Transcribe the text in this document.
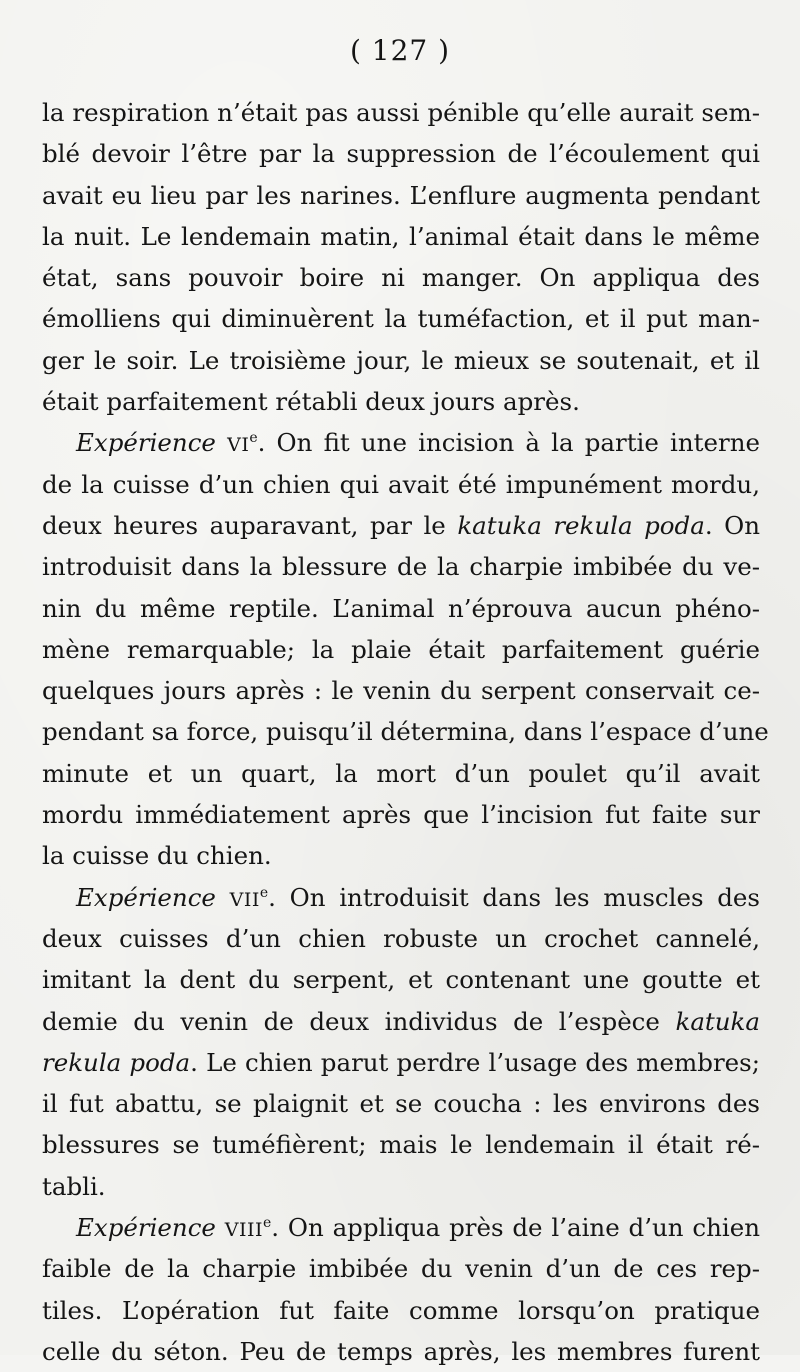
( 127 )
la respiration n’était pas aussi pénible qu’elle aurait sem-
blé devoir l’être par la suppression de l’écoulement qui
avait eu lieu par les narines. L’enflure augmenta pendant
la nuit. Le lendemain matin, l’animal était dans le même
état, sans pouvoir boire ni manger. On appliqua des
émolliens qui diminuèrent la tuméfaction, et il put man-
ger le soir. Le troisième jour, le mieux se soutenait, et il
était parfaitement rétabli deux jours après.
Expérience VIe. On fit une incision à la partie interne
de la cuisse d’un chien qui avait été impunément mordu,
deux heures auparavant, par le katuka rekula poda. On
introduisit dans la blessure de la charpie imbibée du ve-
nin du même reptile. L’animal n’éprouva aucun phéno-
mène remarquable; la plaie était parfaitement guérie
quelques jours après : le venin du serpent conservait ce-
pendant sa force, puisqu’il détermina, dans l’espace d’une
minute et un quart, la mort d’un poulet qu’il avait
mordu immédiatement après que l’incision fut faite sur
la cuisse du chien.
Expérience VIIe. On introduisit dans les muscles des
deux cuisses d’un chien robuste un crochet cannelé,
imitant la dent du serpent, et contenant une goutte et
demie du venin de deux individus de l’espèce katuka
rekula poda. Le chien parut perdre l’usage des membres;
il fut abattu, se plaignit et se coucha : les environs des
blessures se tuméfièrent; mais le lendemain il était ré-
tabli.
Expérience VIIIe. On appliqua près de l’aine d’un chien
faible de la charpie imbibée du venin d’un de ces rep-
tiles. L’opération fut faite comme lorsqu’on pratique
celle du séton. Peu de temps après, les membres furent
